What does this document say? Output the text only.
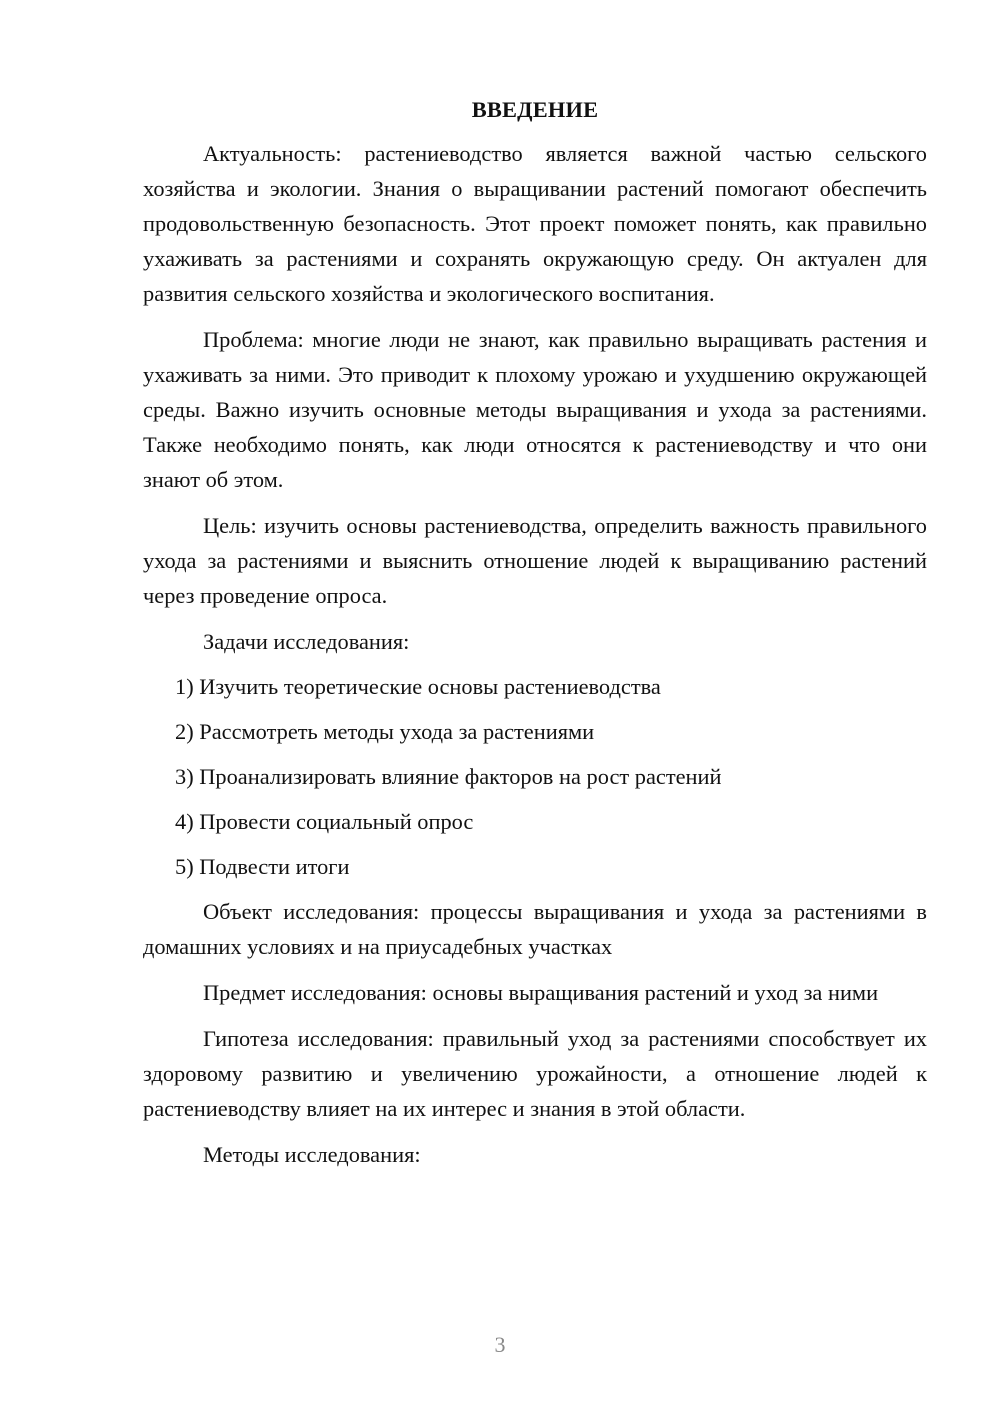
ВВЕДЕНИЕ

Актуальность: растениеводство является важной частью сельского хозяйства и экологии. Знания о выращивании растений помогают обеспечить продовольственную безопасность. Этот проект поможет понять, как правильно ухаживать за растениями и сохранять окружающую среду. Он актуален для развития сельского хозяйства и экологического воспитания.

Проблема: многие люди не знают, как правильно выращивать растения и ухаживать за ними. Это приводит к плохому урожаю и ухудшению окружающей среды. Важно изучить основные методы выращивания и ухода за растениями. Также необходимо понять, как люди относятся к растениеводству и что они знают об этом.

Цель: изучить основы растениеводства, определить важность правильного ухода за растениями и выяснить отношение людей к выращиванию растений через проведение опроса.

Задачи исследования:

1) Изучить теоретические основы растениеводства

2) Рассмотреть методы ухода за растениями

3) Проанализировать влияние факторов на рост растений

4) Провести социальный опрос

5) Подвести итоги

Объект исследования: процессы выращивания и ухода за растениями в домашних условиях и на приусадебных участках

Предмет исследования: основы выращивания растений и уход за ними

Гипотеза исследования: правильный уход за растениями способствует их здоровому развитию и увеличению урожайности, а отношение людей к растениеводству влияет на их интерес и знания в этой области.

Методы исследования:

3
